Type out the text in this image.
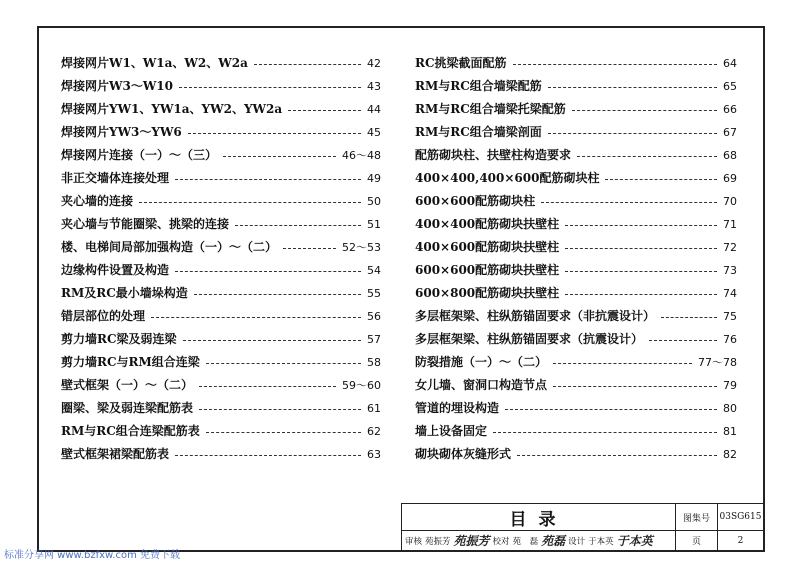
焊接网片W1、W1a、W2、W2a	42
焊接网片W3～W10	43
焊接网片YW1、YW1a、YW2、YW2a	44
焊接网片YW3～YW6	45
焊接网片连接（一）～（三）	46～48
非正交墙体连接处理	49
夹心墙的连接	50
夹心墙与节能圈梁、挑梁的连接	51
楼、电梯间局部加强构造（一）～（二）	52～53
边缘构件设置及构造	54
RM及RC最小墙垛构造	55
错层部位的处理	56
剪力墙RC梁及弱连梁	57
剪力墙RC与RM组合连梁	58
壁式框架（一）～（二）	59～60
圈梁、梁及弱连梁配筋表	61
RM与RC组合连梁配筋表	62
壁式框架裙梁配筋表	63
RC挑梁截面配筋	64
RM与RC组合墙梁配筋	65
RM与RC组合墙梁托梁配筋	66
RM与RC组合墙梁剖面	67
配筋砌块柱、扶壁柱构造要求	68
400×400,400×600配筋砌块柱	69
600×600配筋砌块柱	70
400×400配筋砌块扶壁柱	71
400×600配筋砌块扶壁柱	72
600×600配筋砌块扶壁柱	73
600×800配筋砌块扶壁柱	74
多层框架梁、柱纵筋锚固要求（非抗震设计）	75
多层框架梁、柱纵筋锚固要求（抗震设计）	76
防裂措施（一）～（二）	77～78
女儿墙、窗洞口构造节点	79
管道的埋设构造	80
墙上设备固定	81
砌块砌体灰缝形式	82
目录	图集号	03SG615
审核 苑振芳 苑振芳 校对 苑　磊 苑磊 设计 于本英 于本英	页	2
标准分享网 www.bzfxw.com 免费下载
